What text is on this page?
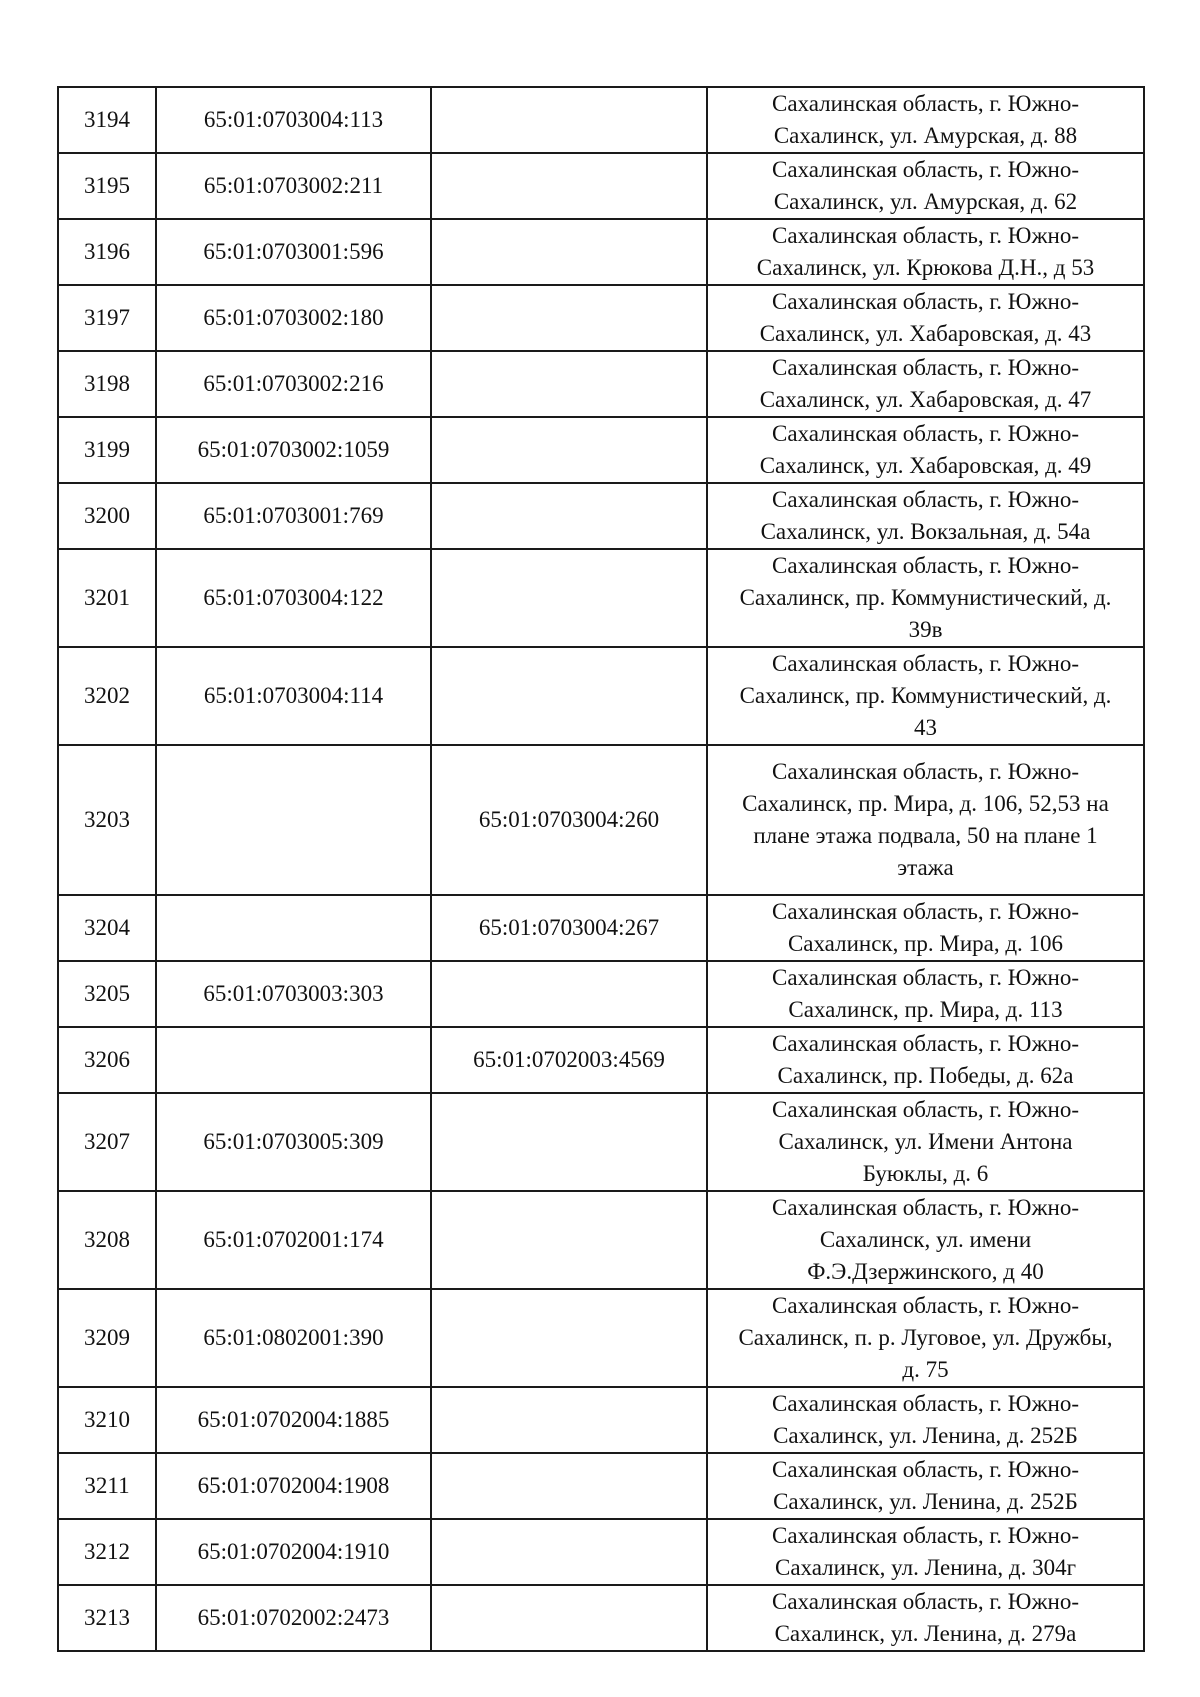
3194	65:01:0703004:113		Сахалинская область, г. Южно-
Сахалинск, ул. Амурская, д. 88

3195	65:01:0703002:211		Сахалинская область, г. Южно-
Сахалинск, ул. Амурская, д. 62

3196	65:01:0703001:596		Сахалинская область, г. Южно-
Сахалинск, ул. Крюкова Д.Н., д 53

3197	65:01:0703002:180		Сахалинская область, г. Южно-
Сахалинск, ул. Хабаровская, д. 43

3198	65:01:0703002:216		Сахалинская область, г. Южно-
Сахалинск, ул. Хабаровская, д. 47

3199	65:01:0703002:1059		Сахалинская область, г. Южно-
Сахалинск, ул. Хабаровская, д. 49

3200	65:01:0703001:769		Сахалинская область, г. Южно-
Сахалинск, ул. Вокзальная, д. 54а

3201	65:01:0703004:122		Сахалинская область, г. Южно-
Сахалинск, пр. Коммунистический, д.
39в

3202	65:01:0703004:114		Сахалинская область, г. Южно-
Сахалинск, пр. Коммунистический, д.
43

3203		65:01:0703004:260	Сахалинская область, г. Южно-
Сахалинск, пр. Мира, д. 106, 52,53 на
плане этажа подвала, 50 на плане 1
этажа

3204		65:01:0703004:267	Сахалинская область, г. Южно-
Сахалинск, пр. Мира, д. 106

3205	65:01:0703003:303		Сахалинская область, г. Южно-
Сахалинск, пр. Мира, д. 113

3206		65:01:0702003:4569	Сахалинская область, г. Южно-
Сахалинск, пр. Победы, д. 62а

3207	65:01:0703005:309		Сахалинская область, г. Южно-
Сахалинск, ул. Имени Антона
Буюклы, д. 6

3208	65:01:0702001:174		Сахалинская область, г. Южно-
Сахалинск, ул. имени
Ф.Э.Дзержинского, д 40

3209	65:01:0802001:390		Сахалинская область, г. Южно-
Сахалинск, п. р. Луговое, ул. Дружбы,
д. 75

3210	65:01:0702004:1885		Сахалинская область, г. Южно-
Сахалинск, ул. Ленина, д. 252Б

3211	65:01:0702004:1908		Сахалинская область, г. Южно-
Сахалинск, ул. Ленина, д. 252Б

3212	65:01:0702004:1910		Сахалинская область, г. Южно-
Сахалинск, ул. Ленина, д. 304г

3213	65:01:0702002:2473		Сахалинская область, г. Южно-
Сахалинск, ул. Ленина, д. 279а
